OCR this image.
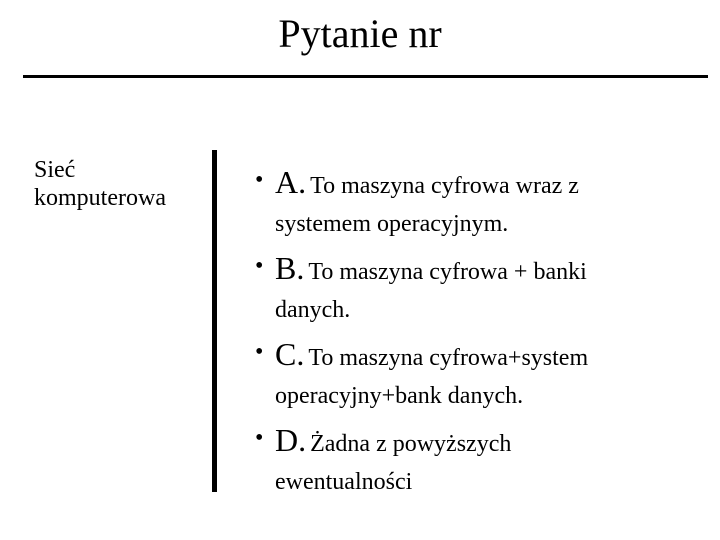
Pytanie nr
Sieć komputerowa
• A. To maszyna cyfrowa wraz z
systemem operacyjnym.
• B. To maszyna cyfrowa + banki
danych.
• C. To maszyna cyfrowa+system
operacyjny+bank danych.
• D. Żadna z powyższych
ewentualności
